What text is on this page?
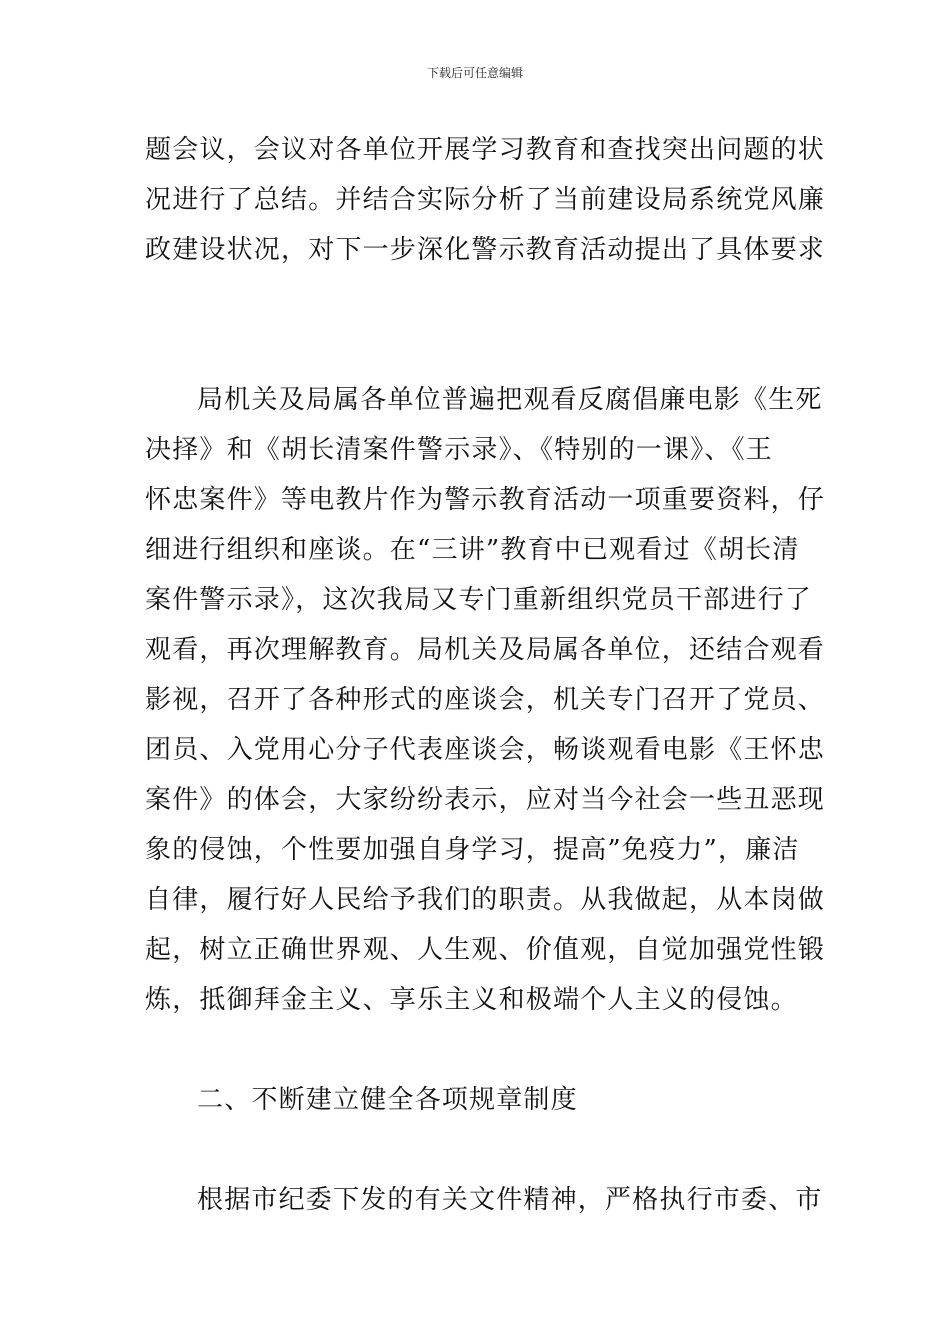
下载后可任意编辑
题会议，会议对各单位开展学习教育和查找突出问题的状
况进行了总结。并结合实际分析了当前建设局系统党风廉
政建设状况，对下一步深化警示教育活动提出了具体要求
局机关及局属各单位普遍把观看反腐倡廉电影《生死
决择》和《胡长清案件警示录》、《特别的一课》、《王
怀忠案件》等电教片作为警示教育活动一项重要资料，仔
细进行组织和座谈。在“三讲”教育中已观看过《胡长清
案件警示录》，这次我局又专门重新组织党员干部进行了
观看，再次理解教育。局机关及局属各单位，还结合观看
影视，召开了各种形式的座谈会，机关专门召开了党员、
团员、入党用心分子代表座谈会，畅谈观看电影《王怀忠
案件》的体会，大家纷纷表示，应对当今社会一些丑恶现
象的侵蚀，个性要加强自身学习，提高”免疫力”，廉洁
自律，履行好人民给予我们的职责。从我做起，从本岗做
起，树立正确世界观、人生观、价值观，自觉加强党性锻
炼，抵御拜金主义、享乐主义和极端个人主义的侵蚀。
二、不断建立健全各项规章制度
根据市纪委下发的有关文件精神，严格执行市委、市
